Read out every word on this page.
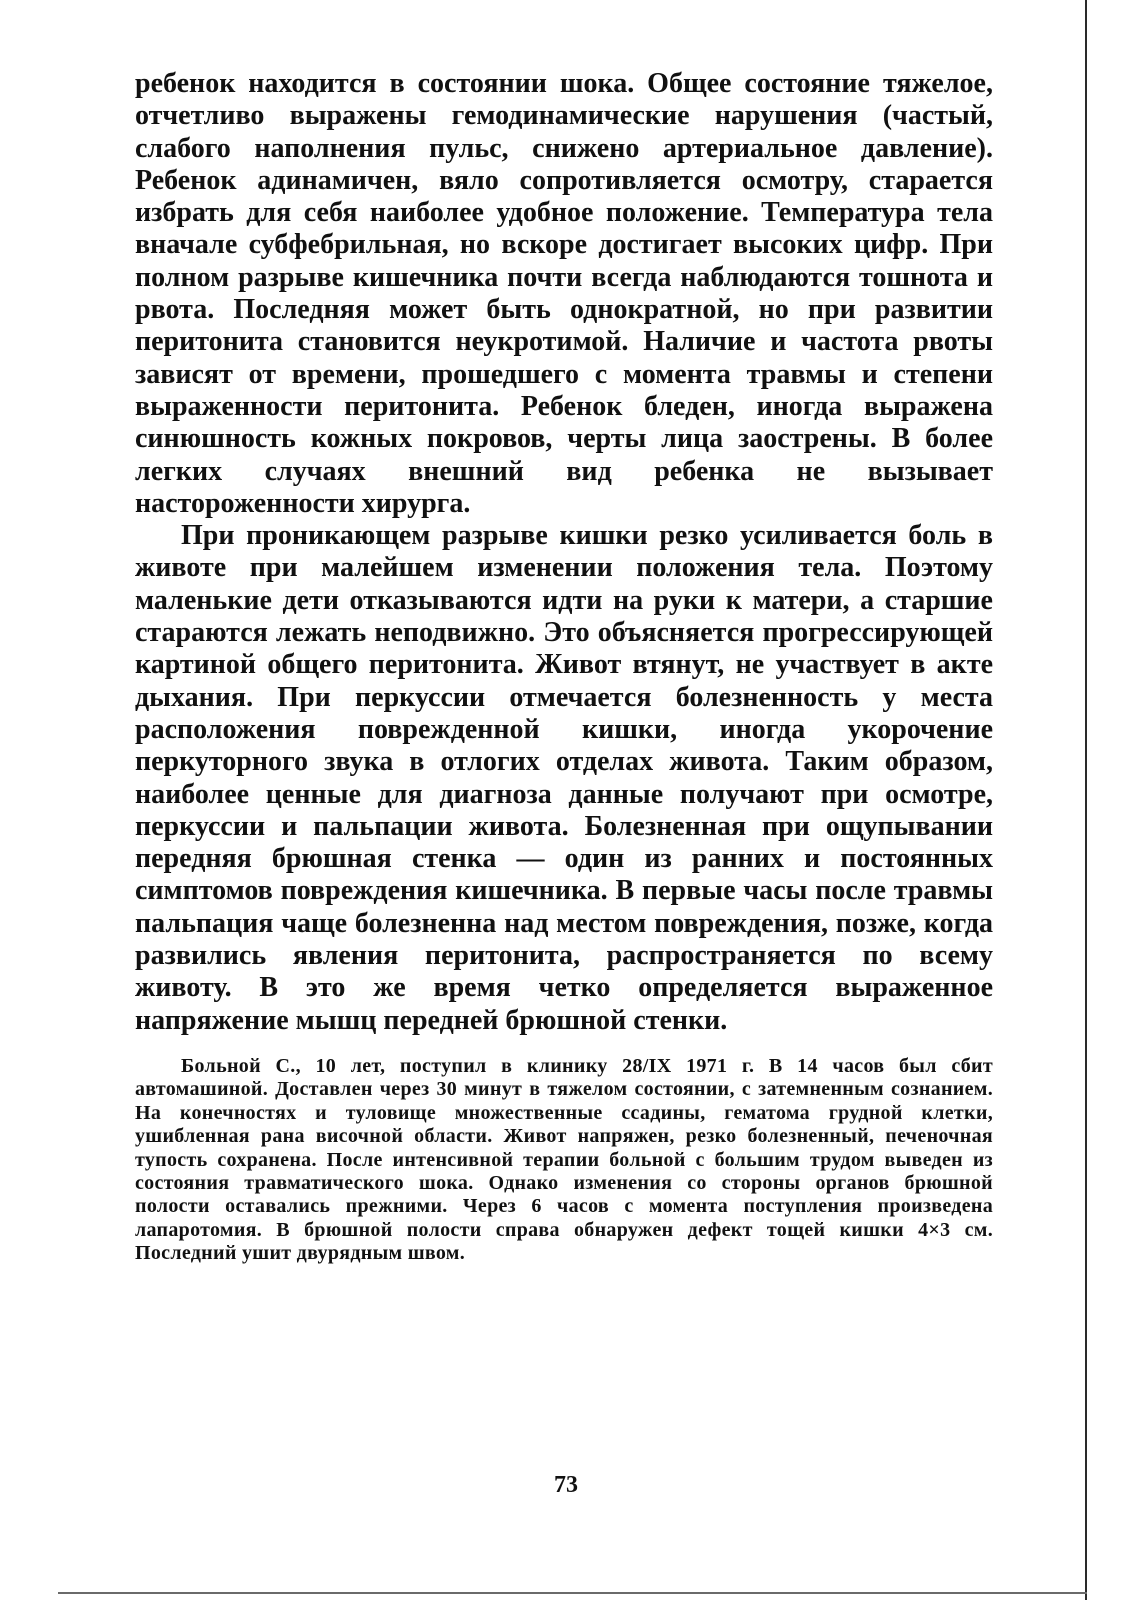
ребенок находится в состоянии шока. Общее состояние тяжелое, отчетливо выражены гемодинамические нарушения (частый, слабого наполнения пульс, снижено артериальное давление). Ребенок адинамичен, вяло сопротивляется осмотру, старается избрать для себя наиболее удобное положение. Температура тела вначале субфебрильная, но вскоре достигает высоких цифр. При полном разрыве кишечника почти всегда наблюдаются тошнота и рвота. Последняя может быть однократной, но при развитии перитонита становится неукротимой. Наличие и частота рвоты зависят от времени, прошедшего с момента травмы и степени выраженности перитонита. Ребенок бледен, иногда выражена синюшность кожных покровов, черты лица заострены. В более легких случаях внешний вид ребенка не вызывает настороженности хирурга.

При проникающем разрыве кишки резко усиливается боль в животе при малейшем изменении положения тела. Поэтому маленькие дети отказываются идти на руки к матери, а старшие стараются лежать неподвижно. Это объясняется прогрессирующей картиной общего перитонита. Живот втянут, не участвует в акте дыхания. При перкуссии отмечается болезненность у места расположения поврежденной кишки, иногда укорочение перкуторного звука в отлогих отделах живота. Таким образом, наиболее ценные для диагноза данные получают при осмотре, перкуссии и пальпации живота. Болезненная при ощупывании передняя брюшная стенка — один из ранних и постоянных симптомов повреждения кишечника. В первые часы после травмы пальпация чаще болезненна над местом повреждения, позже, когда развились явления перитонита, распространяется по всему животу. В это же время четко определяется выраженное напряжение мышц передней брюшной стенки.

Больной С., 10 лет, поступил в клинику 28/IX 1971 г. В 14 часов был сбит автомашиной. Доставлен через 30 минут в тяжелом состоянии, с затемненным сознанием. На конечностях и туловище множественные ссадины, гематома грудной клетки, ушибленная рана височной области. Живот напряжен, резко болезненный, печеночная тупость сохранена. После интенсивной терапии больной с большим трудом выведен из состояния травматического шока. Однако изменения со стороны органов брюшной полости оставались прежними. Через 6 часов с момента поступления произведена лапаротомия. В брюшной полости справа обнаружен дефект тощей кишки 4×3 см. Последний ушит двурядным швом.

73
